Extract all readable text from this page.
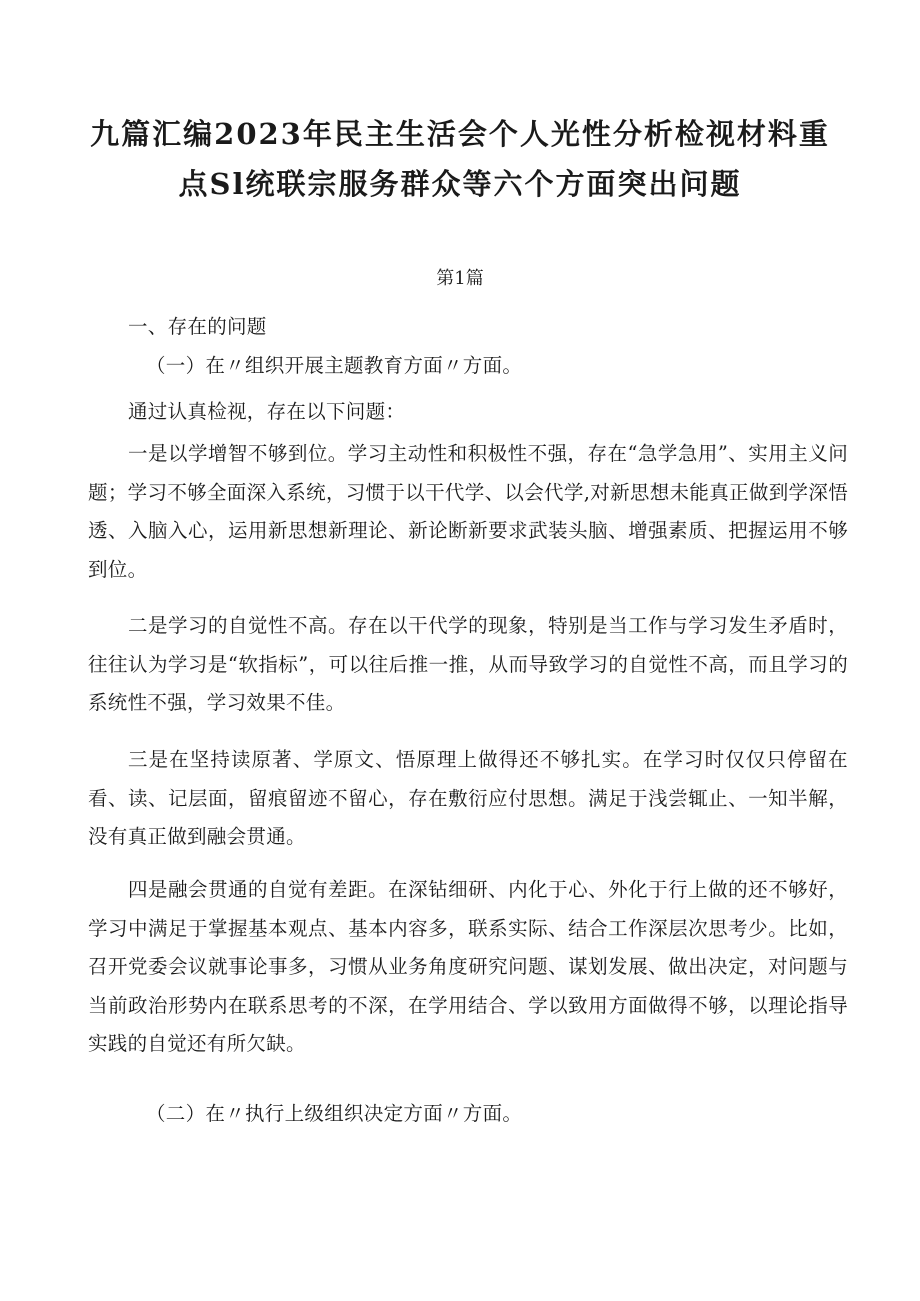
九篇汇编2023年民主生活会个人光性分析检视材料重
点Sl统联宗服务群众等六个方面突出问题
第1篇

一、存在的问题

（一）在〃组织开展主题教育方面〃方面。

通过认真检视，存在以下问题：

一是以学增智不够到位。学习主动性和积极性不强，存在“急学急用”、实用主义问题；学习不够全面深入系统，习惯于以干代学、以会代学,对新思想未能真正做到学深悟透、入脑入心，运用新思想新理论、新论断新要求武装头脑、增强素质、把握运用不够到位。

二是学习的自觉性不高。存在以干代学的现象，特别是当工作与学习发生矛盾时，往往认为学习是“软指标”，可以往后推一推，从而导致学习的自觉性不高，而且学习的系统性不强，学习效果不佳。

三是在坚持读原著、学原文、悟原理上做得还不够扎实。在学习时仅仅只停留在看、读、记层面，留痕留迹不留心，存在敷衍应付思想。满足于浅尝辄止、一知半解，没有真正做到融会贯通。

四是融会贯通的自觉有差距。在深钻细研、内化于心、外化于行上做的还不够好，学习中满足于掌握基本观点、基本内容多，联系实际、结合工作深层次思考少。比如，召开党委会议就事论事多，习惯从业务角度研究问题、谋划发展、做出决定，对问题与当前政治形势内在联系思考的不深，在学用结合、学以致用方面做得不够，以理论指导实践的自觉还有所欠缺。

（二）在〃执行上级组织决定方面〃方面。
